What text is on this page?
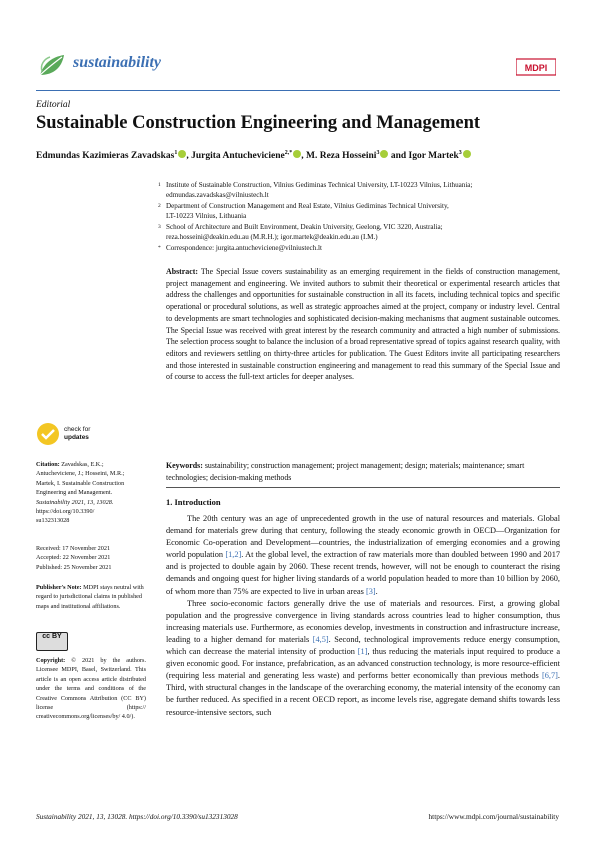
sustainability	MDPI
Editorial
Sustainable Construction Engineering and Management
Edmundas Kazimieras Zavadskas$^1$ , Jurgita Antucheviciene$^{2,*}$ , M. Reza Hosseini$^3$ and Igor Martek$^3$
1 Institute of Sustainable Construction, Vilnius Gediminas Technical University, LT-10223 Vilnius, Lithuania;
edmundas.zavadskas@vilniustech.lt
2 Department of Construction Management and Real Estate, Vilnius Gediminas Technical University,
LT-10223 Vilnius, Lithuania
3 School of Architecture and Built Environment, Deakin University, Geelong, VIC 3220, Australia;
reza.hosseini@deakin.edu.au (M.R.H.); igor.martek@deakin.edu.au (I.M.)
* Correspondence: jurgita.antucheviciene@vilniustech.lt
Abstract: The Special Issue covers sustainability as an emerging requirement in the fields of construction management, project management and engineering. We invited authors to submit their theoretical or experimental research articles that address the challenges and opportunities for sustainable construction in all its facets, including technical topics and specific operational or procedural solutions, as well as strategic approaches aimed at the project, company or industry level. Central to developments are smart technologies and sophisticated decision-making mechanisms that augment sustainable outcomes. The Special Issue was received with great interest by the research community and attracted a high number of submissions. The selection process sought to balance the inclusion of a broad representative spread of topics against research quality, with editors and reviewers settling on thirty-three articles for publication. The Guest Editors invite all participating researchers and those interested in sustainable construction engineering and management to read this summary of the Special Issue and of course to access the full-text articles for deeper analyses.
Keywords: sustainability; construction management; project management; design; materials; maintenance; smart technologies; decision-making methods
check for
updates
Citation: Zavadskas, E.K.;
Antucheviciene, J.; Hosseini, M.R.;
Martek, I. Sustainable Construction
Engineering and Management.
Sustainability 2021, 13, 13028.
https://doi.org/10.3390/
su132313028
Received: 17 November 2021
Accepted: 22 November 2021
Published: 25 November 2021
Publisher's Note: MDPI stays neutral with regard to jurisdictional claims in published maps and institutional affiliations.
cc BY
Copyright: © 2021 by the authors. Licensee MDPI, Basel, Switzerland. This article is an open access article distributed under the terms and conditions of the Creative Commons Attribution (CC BY) license (https:// creativecommons.org/licenses/by/ 4.0/).
1. Introduction

The 20th century was an age of unprecedented growth in the use of natural resources and materials. Global demand for materials grew during that century, following the steady economic growth in OECD—Organization for Economic Co-operation and Development—countries, the industrialization of emerging economies and a growing world population [1,2]. At the global level, the extraction of raw materials more than doubled between 1990 and 2017 and is projected to double again by 2060. These recent trends, however, will not be enough to counteract the rising demands and ongoing quest for higher living standards of a world population headed to more than 10 billion by 2060, of whom more than 75% are expected to live in urban areas [3].

Three socio-economic factors generally drive the use of materials and resources. First, a growing global population and the progressive convergence in living standards across countries lead to higher consumption, thus increasing materials use. Furthermore, as economies develop, investments in construction and infrastructure increase, leading to a higher demand for materials [4,5]. Second, technological improvements reduce energy consumption, which can decrease the material intensity of production [1], thus reducing the materials input required to produce a given economic good. For instance, prefabrication, as an advanced construction technology, is more resource-efficient (requiring less material and generating less waste) and performs better economically than previous methods [6,7]. Third, with structural changes in the landscape of the overarching economy, the material intensity of the economy can be further reduced. As specified in a recent OECD report, as income levels rise, aggregate demand shifts towards less resource-intensive sectors, such

Sustainability 2021, 13, 13028. https://doi.org/10.3390/su132313028	https://www.mdpi.com/journal/sustainability
